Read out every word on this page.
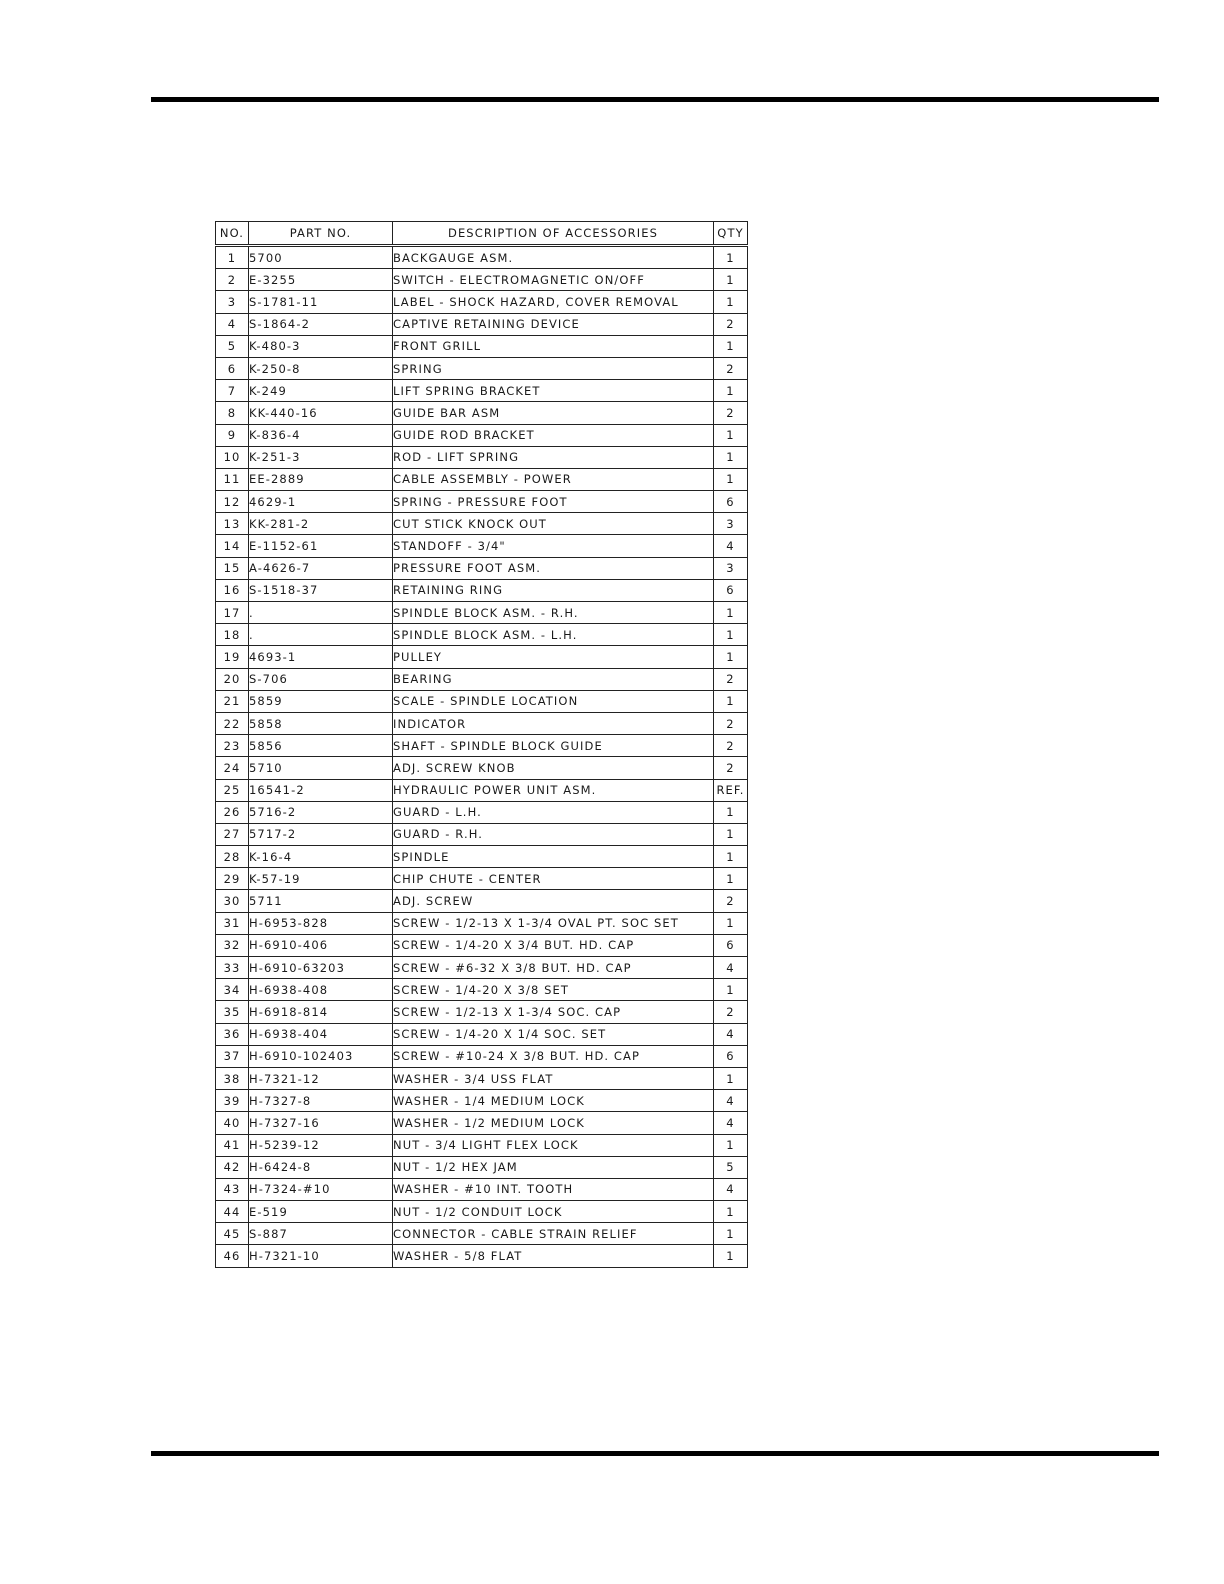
NO.	PART NO.	DESCRIPTION OF ACCESSORIES	QTY
1	5700	BACKGAUGE ASM.	1
2	E-3255	SWITCH - ELECTROMAGNETIC ON/OFF	1
3	S-1781-11	LABEL - SHOCK HAZARD, COVER REMOVAL	1
4	S-1864-2	CAPTIVE RETAINING DEVICE	2
5	K-480-3	FRONT GRILL	1
6	K-250-8	SPRING	2
7	K-249	LIFT SPRING BRACKET	1
8	KK-440-16	GUIDE BAR ASM	2
9	K-836-4	GUIDE ROD BRACKET	1
10	K-251-3	ROD - LIFT SPRING	1
11	EE-2889	CABLE ASSEMBLY - POWER	1
12	4629-1	SPRING - PRESSURE FOOT	6
13	KK-281-2	CUT STICK KNOCK OUT	3
14	E-1152-61	STANDOFF - 3/4"	4
15	A-4626-7	PRESSURE FOOT ASM.	3
16	S-1518-37	RETAINING RING	6
17	.	SPINDLE BLOCK ASM. - R.H.	1
18	.	SPINDLE BLOCK ASM. - L.H.	1
19	4693-1	PULLEY	1
20	S-706	BEARING	2
21	5859	SCALE - SPINDLE LOCATION	1
22	5858	INDICATOR	2
23	5856	SHAFT - SPINDLE BLOCK GUIDE	2
24	5710	ADJ. SCREW KNOB	2
25	16541-2	HYDRAULIC POWER UNIT ASM.	REF.
26	5716-2	GUARD - L.H.	1
27	5717-2	GUARD - R.H.	1
28	K-16-4	SPINDLE	1
29	K-57-19	CHIP CHUTE - CENTER	1
30	5711	ADJ. SCREW	2
31	H-6953-828	SCREW - 1/2-13 X 1-3/4 OVAL PT. SOC SET	1
32	H-6910-406	SCREW - 1/4-20 X 3/4 BUT. HD. CAP	6
33	H-6910-63203	SCREW - #6-32 X 3/8 BUT. HD. CAP	4
34	H-6938-408	SCREW - 1/4-20 X 3/8 SET	1
35	H-6918-814	SCREW - 1/2-13 X 1-3/4 SOC. CAP	2
36	H-6938-404	SCREW - 1/4-20 X 1/4 SOC. SET	4
37	H-6910-102403	SCREW - #10-24 X 3/8 BUT. HD. CAP	6
38	H-7321-12	WASHER - 3/4 USS FLAT	1
39	H-7327-8	WASHER - 1/4 MEDIUM LOCK	4
40	H-7327-16	WASHER - 1/2 MEDIUM LOCK	4
41	H-5239-12	NUT - 3/4 LIGHT FLEX LOCK	1
42	H-6424-8	NUT - 1/2 HEX JAM	5
43	H-7324-#10	WASHER - #10 INT. TOOTH	4
44	E-519	NUT - 1/2 CONDUIT LOCK	1
45	S-887	CONNECTOR - CABLE STRAIN RELIEF	1
46	H-7321-10	WASHER - 5/8 FLAT	1
